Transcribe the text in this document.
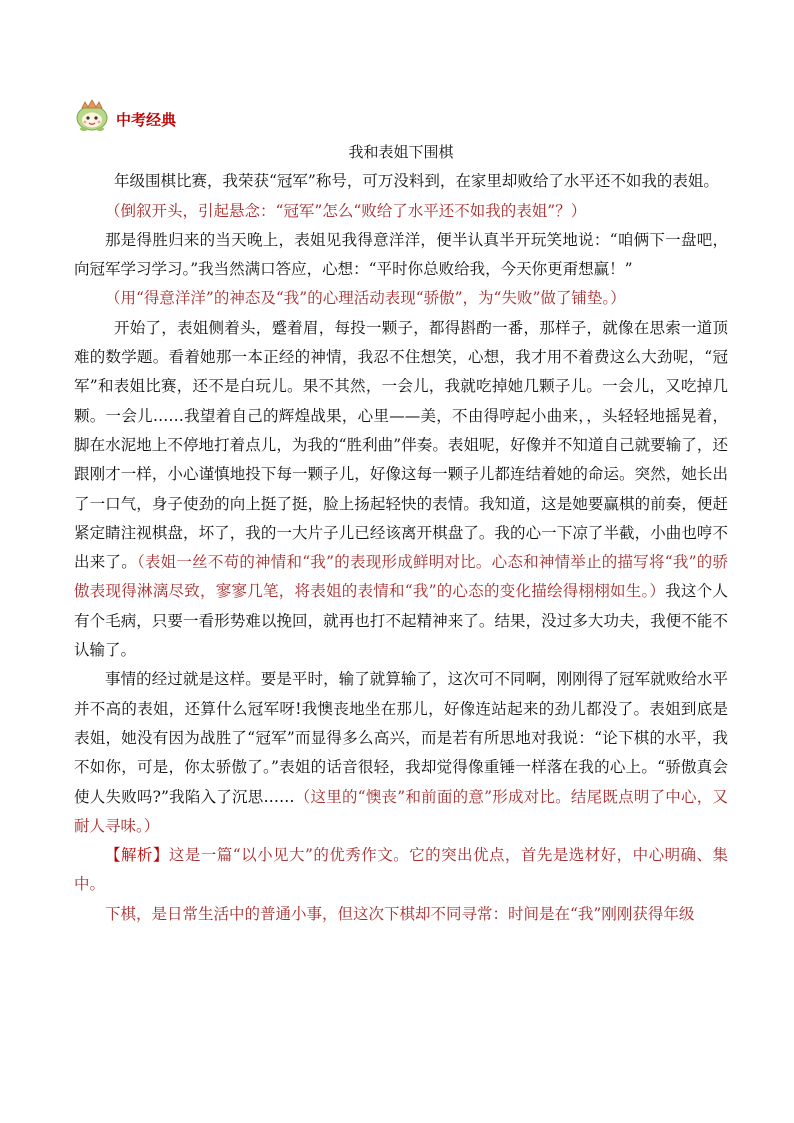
中考经典
我和表姐下围棋

年级围棋比赛，我荣获“冠军”称号，可万没料到，在家里却败给了水平还不如我的表姐。

（倒叙开头，引起悬念：“冠军”怎么“败给了水平还不如我的表姐”？）

那是得胜归来的当天晚上，表姐见我得意洋洋，便半认真半开玩笑地说：“咱俩下一盘吧，向冠军学习学习。”我当然满口答应，心想：“平时你总败给我，今天你更甭想赢！”

（用“得意洋洋”的神态及“我”的心理活动表现“骄傲”，为“失败”做了铺垫。）

开始了，表姐侧着头，蹙着眉，每投一颗子，都得斟酌一番，那样子，就像在思索一道顶难的数学题。看着她那一本正经的神情，我忍不住想笑，心想，我才用不着费这么大劲呢，“冠军”和表姐比赛，还不是白玩儿。果不其然，一会儿，我就吃掉她几颗子儿。一会儿，又吃掉几颗。一会儿……我望着自己的辉煌战果，心里——美，不由得哼起小曲来，，头轻轻地摇晃着，脚在水泥地上不停地打着点儿，为我的“胜利曲”伴奏。表姐呢，好像并不知道自己就要输了，还跟刚才一样，小心谨慎地投下每一颗子儿，好像这每一颗子儿都连结着她的命运。突然，她长出了一口气，身子使劲的向上挺了挺，脸上扬起轻快的表情。我知道，这是她要赢棋的前奏，便赶紧定睛注视棋盘，坏了，我的一大片子儿已经该离开棋盘了。我的心一下凉了半截，小曲也哼不出来了。（表姐一丝不苟的神情和“我”的表现形成鲜明对比。心态和神情举止的描写将“我”的骄傲表现得淋漓尽致，寥寥几笔，将表姐的表情和“我”的心态的变化描绘得栩栩如生。）我这个人有个毛病，只要一看形势难以挽回，就再也打不起精神来了。结果，没过多大功夫，我便不能不认输了。

事情的经过就是这样。要是平时，输了就算输了，这次可不同啊，刚刚得了冠军就败给水平并不高的表姐，还算什么冠军呀!我懊丧地坐在那儿，好像连站起来的劲儿都没了。表姐到底是表姐，她没有因为战胜了“冠军”而显得多么高兴，而是若有所思地对我说：“论下棋的水平，我不如你，可是，你太骄傲了。”表姐的话音很轻，我却觉得像重锤一样落在我的心上。“骄傲真会使人失败吗?”我陷入了沉思……（这里的“懊丧”和前面的意”形成对比。结尾既点明了中心，又耐人寻味。）

【解析】这是一篇“以小见大”的优秀作文。它的突出优点，首先是选材好，中心明确、集中。

下棋，是日常生活中的普通小事，但这次下棋却不同寻常：时间是在“我”刚刚获得年级
